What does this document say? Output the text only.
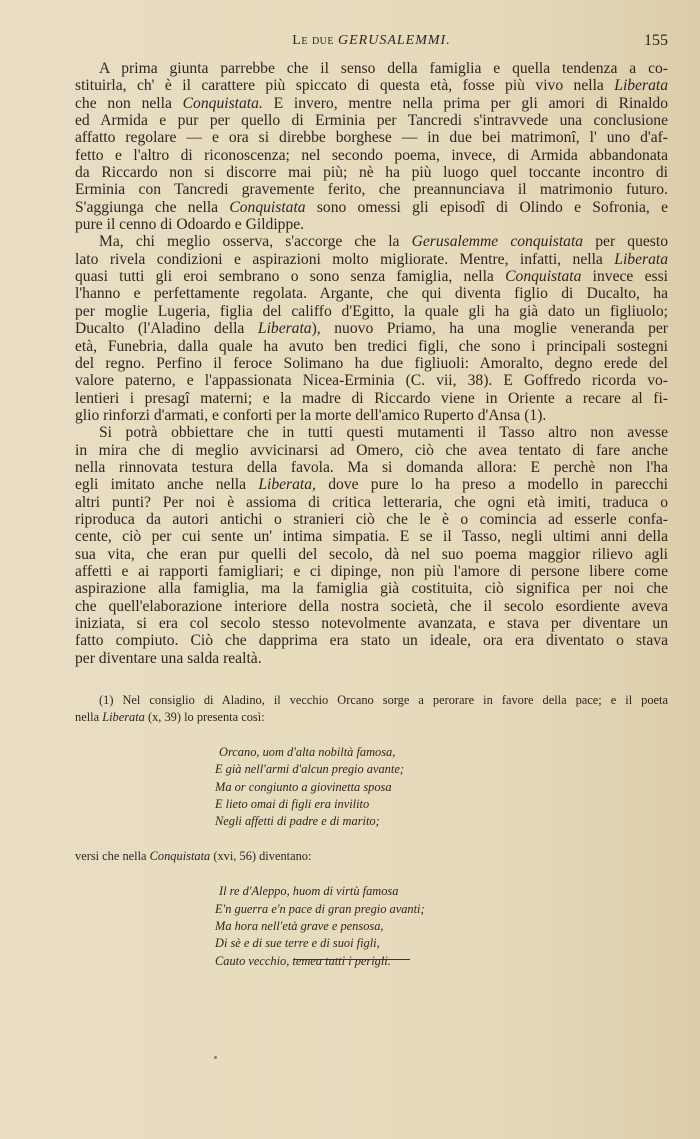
Le due GERUSALEMMI.	155
A prima giunta parrebbe che il senso della famiglia e quella tendenza a co-
stituirla, ch' è il carattere più spiccato di questa età, fosse più vivo nella Liberata
che non nella Conquistata. E invero, mentre nella prima per gli amori di Rinaldo
ed Armida e pur per quello di Erminia per Tancredi s'intravvede una conclusione
affatto regolare — e ora si direbbe borghese — in due bei matrimonî, l' uno d'af-
fetto e l'altro di riconoscenza; nel secondo poema, invece, di Armida abbandonata
da Riccardo non si discorre mai più; nè ha più luogo quel toccante incontro di
Erminia con Tancredi gravemente ferito, che preannunciava il matrimonio futuro.
S'aggiunga che nella Conquistata sono omessi gli episodî di Olindo e Sofronia, e
pure il cenno di Odoardo e Gildippe.
Ma, chi meglio osserva, s'accorge che la Gerusalemme conquistata per questo
lato rivela condizioni e aspirazioni molto migliorate. Mentre, infatti, nella Liberata
quasi tutti gli eroi sembrano o sono senza famiglia, nella Conquistata invece essi
l'hanno e perfettamente regolata. Argante, che qui diventa figlio di Ducalto, ha
per moglie Lugeria, figlia del califfo d'Egitto, la quale gli ha già dato un figliuolo;
Ducalto (l'Aladino della Liberata), nuovo Priamo, ha una moglie veneranda per
età, Funebria, dalla quale ha avuto ben tredici figli, che sono i principali sostegni
del regno. Perfino il feroce Solimano ha due figliuoli: Amoralto, degno erede del
valore paterno, e l'appassionata Nicea-Erminia (C. vii, 38). E Goffredo ricorda vo-
lentieri i presagî materni; e la madre di Riccardo viene in Oriente a recare al fi-
glio rinforzi d'armati, e conforti per la morte dell'amico Ruperto d'Ansa (1).
Si potrà obbiettare che in tutti questi mutamenti il Tasso altro non avesse
in mira che di meglio avvicinarsi ad Omero, ciò che avea tentato di fare anche
nella rinnovata testura della favola. Ma si domanda allora: E perchè non l'ha
egli imitato anche nella Liberata, dove pure lo ha preso a modello in parecchi
altri punti? Per noi è assioma di critica letteraria, che ogni età imiti, traduca o
riproduca da autori antichi o stranieri ciò che le è o comincia ad esserle confa-
cente, ciò per cui sente un' intima simpatia. E se il Tasso, negli ultimi anni della
sua vita, che eran pur quelli del secolo, dà nel suo poema maggior rilievo agli
affetti e ai rapporti famigliari; e ci dipinge, non più l'amore di persone libere come
aspirazione alla famiglia, ma la famiglia già costituita, ciò significa per noi che
che quell'elaborazione interiore della nostra società, che il secolo esordiente aveva
iniziata, si era col secolo stesso notevolmente avanzata, e stava per diventare un
fatto compiuto. Ciò che dapprima era stato un ideale, ora era diventato o stava
per diventare una salda realtà.
(1) Nel consiglio di Aladino, il vecchio Orcano sorge a perorare in favore della pace; e il poeta
nella Liberata (x, 39) lo presenta così:
Orcano, uom d'alta nobiltà famosa,
E già nell'armi d'alcun pregio avante;
Ma or congiunto a giovinetta sposa
E lieto omai di figli era invilito
Negli affetti di padre e di marito;
versi che nella Conquistata (xvi, 56) diventano:
Il re d'Aleppo, huom di virtù famosa
E'n guerra e'n pace di gran pregio avanti;
Ma hora nell'età grave e pensosa,
Di sè e di sue terre e di suoi figli,
Cauto vecchio, temea tutti i perigli.
